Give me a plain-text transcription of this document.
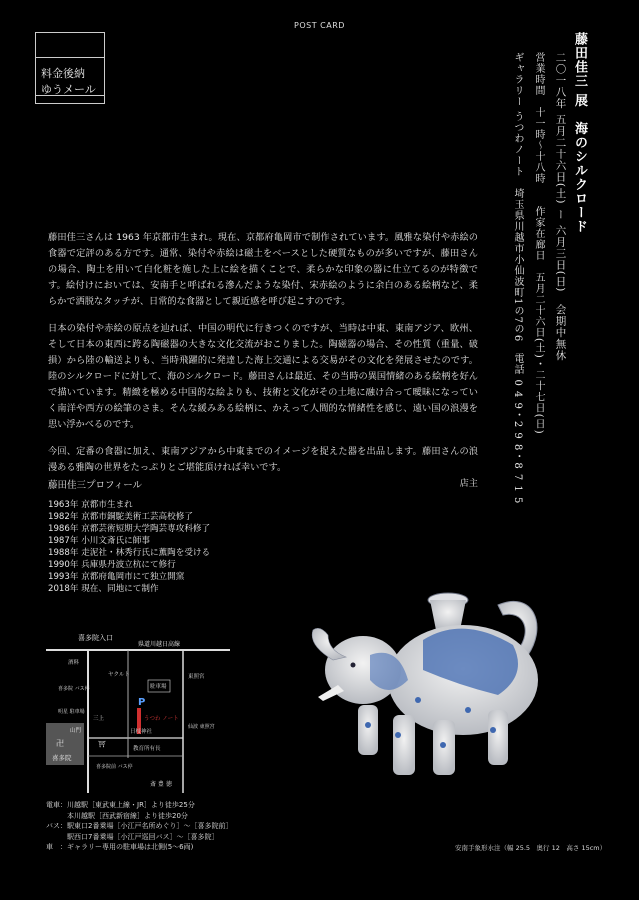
POST CARD
料金後納
ゆうメール	藤田佳三 展　海のシルクロード
二〇一八年 五月二十六日(土) ー 六月三日(日)　会期中無休
営業時間　十一時〜十八時　　作家在廊日　五月二十六日(土)・二十七日(日)
ギャラリー うつわノート　埼玉県川越市小仙波町1の7の6　電話 0 4 9・2 9 8・8 7 1 5

藤田佳三さんは 1963 年京都市生まれ。現在、京都府亀岡市で制作されています。風雅な染付や赤絵の食器で定評のある方です。通常、染付や赤絵は磁土をベースとした硬質なものが多いですが、藤田さんの場合、陶土を用いて白化粧を施した上に絵を描くことで、柔らかな印象の器に仕立てるのが特徴です。絵付けにおいては、安南手と呼ばれる滲んだような染付、宋赤絵のように余白のある絵柄など、柔らかで洒脱なタッチが、日常的な食器として親近感を呼び起こすのです。

日本の染付や赤絵の原点を辿れば、中国の明代に行きつくのですが、当時は中東、東南アジア、欧州、そして日本の東西に跨る陶磁器の大きな文化交流がおこりました。陶磁器の場合、その性質（重量、破損）から陸の輸送よりも、当時飛躍的に発達した海上交通による交易がその文化を発展させたのです。陸のシルクロードに対して、海のシルクロード。藤田さんは最近、その当時の異国情緒のある絵柄を好んで描いています。精緻を極める中国的な絵よりも、技術と文化がその土地に融け合って曖昧になっていく南洋や西方の絵筆のさま。そんな緩みある絵柄に、かえって人間的な情緒性を感じ、遠い国の浪漫を思い浮かべるのです。

今回、定番の食器に加え、東南アジアから中東までのイメージを捉えた器を出品します。藤田さんの浪漫ある雅陶の世界をたっぷりとご堪能頂ければ幸いです。

店主
藤田佳三プロフィール
1963年 京都市生まれ
1982年 京都市銅駝美術工芸高校修了
1986年 京都芸術短期大学陶芸専攻科修了
1987年 小川文斎氏に師事
1988年 走泥社・林秀行氏に薫陶を受ける
1990年 兵庫県丹波立杭にて修行
1993年 京都府亀岡市にて独立開窯
2018年 現在、同地にて制作
喜多院入口
県道川越日高線
酒料
ヤクルト
駐車場
P
東照宮
三上
喜多院 バス停
明星 駐車場
うつわ ノート
日枝神社
⛩
教育所有長
卍
喜多院
山門
喜多院前 バス停
仙波 東照宮
斎 豊 徳
電車：川越駅［東武東上線・JR］より徒歩25分
　　　本川越駅［西武新宿線］より徒歩20分
バス：駅東口2番乗場［小江戸名所めぐり］〜［喜多院前］
　　　駅西口7番乗場［小江戸巡回バス］〜［喜多院］
車　：ギャラリー専用の駐車場は北側(5〜6両)	安南手象形水注（幅 25.5　奥行 12　高さ 15cm）
